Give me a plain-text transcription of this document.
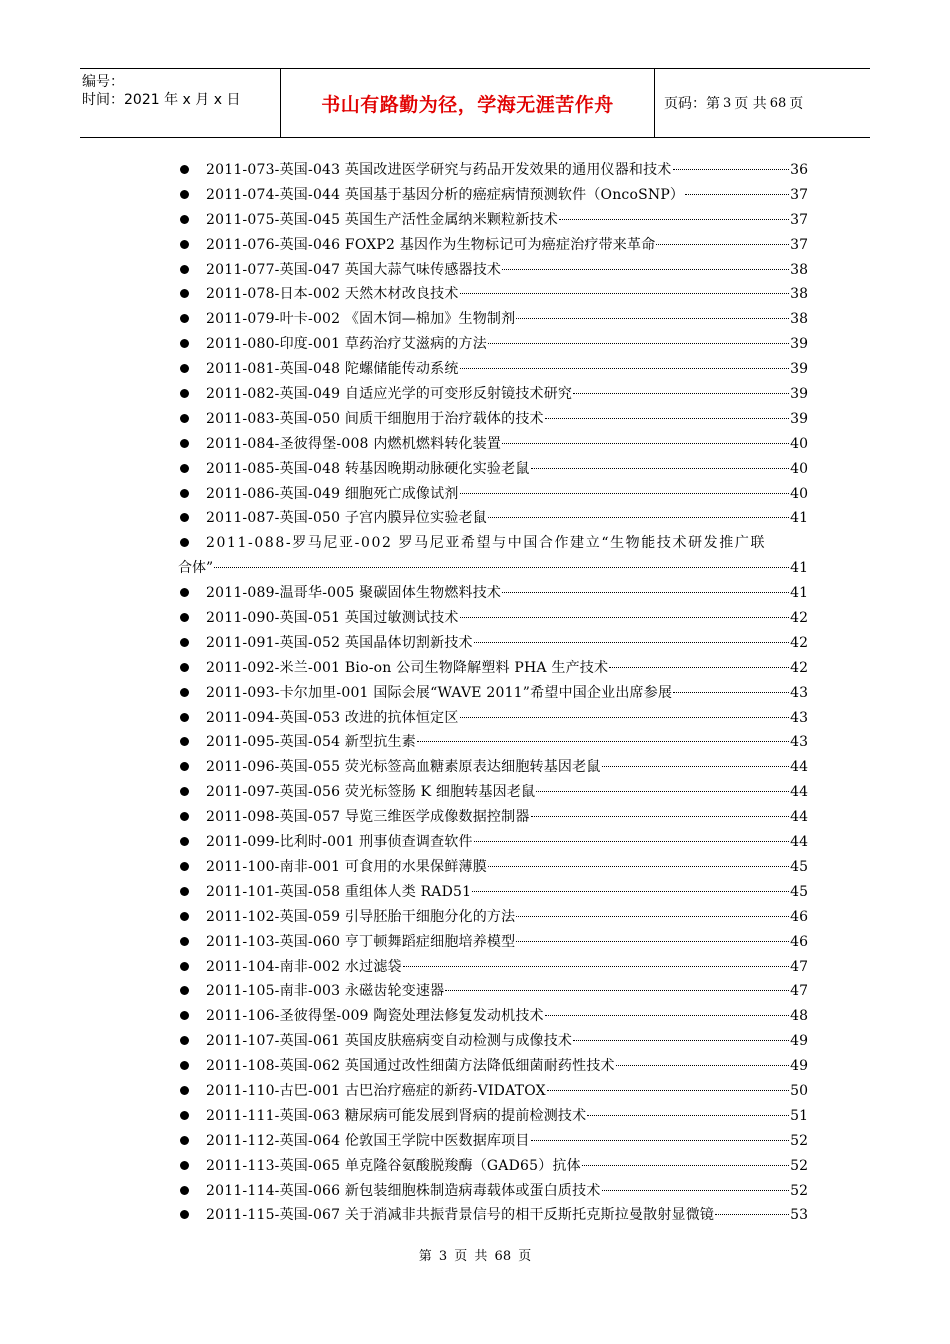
编号：
时间：2021 年 x 月 x 日	书山有路勤为径，学海无涯苦作舟	页码：第 3 页 共 68 页
2011-073-英国-043 英国改进医学研究与药品开发效果的通用仪器和技术	36
2011-074-英国-044 英国基于基因分析的癌症病情预测软件（OncoSNP）	37
2011-075-英国-045 英国生产活性金属纳米颗粒新技术	37
2011-076-英国-046 FOXP2 基因作为生物标记可为癌症治疗带来革命	37
2011-077-英国-047 英国大蒜气味传感器技术	38
2011-078-日本-002 天然木材改良技术	38
2011-079-叶卡-002 《固木饲—棉加》生物制剂	38
2011-080-印度-001 草药治疗艾滋病的方法	39
2011-081-英国-048 陀螺储能传动系统	39
2011-082-英国-049 自适应光学的可变形反射镜技术研究	39
2011-083-英国-050 间质干细胞用于治疗载体的技术	39
2011-084-圣彼得堡-008 内燃机燃料转化装置	40
2011-085-英国-048 转基因晚期动脉硬化实验老鼠	40
2011-086-英国-049 细胞死亡成像试剂	40
2011-087-英国-050 子宫内膜异位实验老鼠	41
2011-088-罗马尼亚-002 罗马尼亚希望与中国合作建立“生物能技术研发推广联
合体”	41
2011-089-温哥华-005 聚碳固体生物燃料技术	41
2011-090-英国-051 英国过敏测试技术	42
2011-091-英国-052 英国晶体切割新技术	42
2011-092-米兰-001 Bio-on 公司生物降解塑料 PHA 生产技术	42
2011-093-卡尔加里-001 国际会展“WAVE 2011”希望中国企业出席参展	43
2011-094-英国-053 改进的抗体恒定区	43
2011-095-英国-054 新型抗生素	43
2011-096-英国-055 荧光标签高血糖素原表达细胞转基因老鼠	44
2011-097-英国-056 荧光标签肠 K 细胞转基因老鼠	44
2011-098-英国-057 导览三维医学成像数据控制器	44
2011-099-比利时-001 刑事侦查调查软件	44
2011-100-南非-001 可食用的水果保鲜薄膜	45
2011-101-英国-058 重组体人类 RAD51	45
2011-102-英国-059 引导胚胎干细胞分化的方法	46
2011-103-英国-060 亨丁顿舞蹈症细胞培养模型	46
2011-104-南非-002 水过滤袋	47
2011-105-南非-003 永磁齿轮变速器	47
2011-106-圣彼得堡-009 陶瓷处理法修复发动机技术	48
2011-107-英国-061 英国皮肤癌病变自动检测与成像技术	49
2011-108-英国-062 英国通过改性细菌方法降低细菌耐药性技术	49
2011-110-古巴-001 古巴治疗癌症的新药-VIDATOX	50
2011-111-英国-063 糖尿病可能发展到肾病的提前检测技术	51
2011-112-英国-064 伦敦国王学院中医数据库项目	52
2011-113-英国-065 单克隆谷氨酸脱羧酶（GAD65）抗体	52
2011-114-英国-066 新包装细胞株制造病毒载体或蛋白质技术	52
2011-115-英国-067 关于消减非共振背景信号的相干反斯托克斯拉曼散射显微镜	53
第 3 页 共 68 页
